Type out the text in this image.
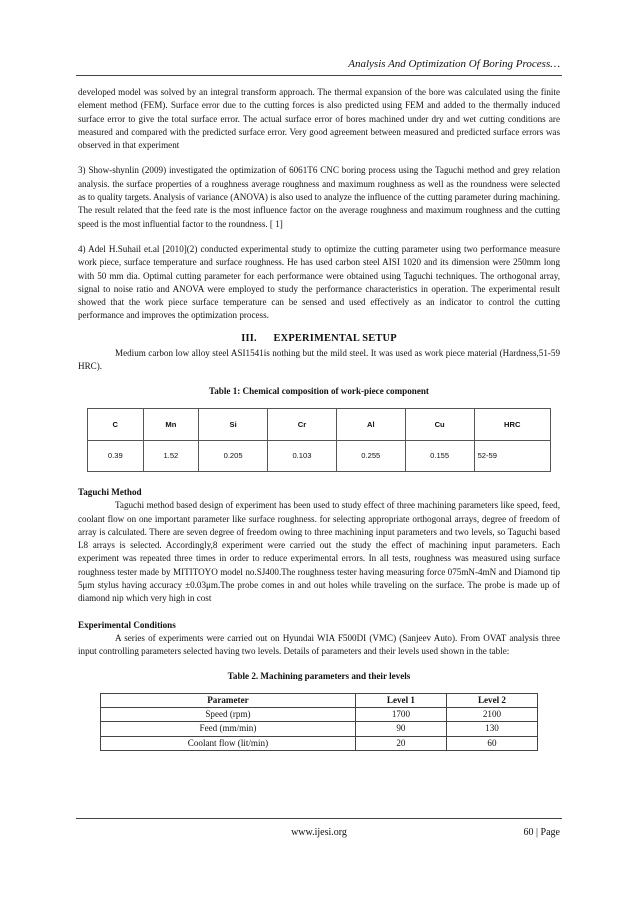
Analysis And Optimization Of Boring Process…

developed model was solved by an integral transform approach. The thermal expansion of the bore was calculated using the finite element method (FEM). Surface error due to the cutting forces is also predicted using FEM and added to the thermally induced surface error to give the total surface error. The actual surface error of bores machined under dry and wet cutting conditions are measured and compared with the predicted surface error. Very good agreement between measured and predicted surface errors was observed in that experiment

3) Show-shynlin (2009) investigated the optimization of 6061T6 CNC boring process using the Taguchi method and grey relation analysis. the surface properties of a roughness average roughness and maximum roughness as well as the roundness were selected as to quality targets. Analysis of variance (ANOVA) is also used to analyze the influence of the cutting parameter during machining. The result related that the feed rate is the most influence factor on the average roughness and maximum roughness and the cutting speed is the most influential factor to the roundness. [ 1]

4) Adel H.Suhail et.al [2010](2) conducted experimental study to optimize the cutting parameter using two performance measure work piece, surface temperature and surface roughness. He has used carbon steel AISI 1020 and its dimension were 250mm long with 50 mm dia. Optimal cutting parameter for each performance were obtained using Taguchi techniques. The orthogonal array, signal to noise ratio and ANOVA were employed to study the performance characteristics in operation. The experimental result showed that the work piece surface temperature can be sensed and used effectively as an indicator to control the cutting performance and improves the optimization process.

III.      EXPERIMENTAL SETUP

Medium carbon low alloy steel ASI1541is nothing but the mild steel. It was used as work piece material (Hardness,51-59 HRC).

Table 1: Chemical composition of work-piece component
C	Mn	Si	Cr	Al	Cu	HRC
0.39	1.52	0.205	0.103	0.255	0.155	52-59

Taguchi Method

Taguchi method based design of experiment has been used to study effect of three machining parameters like speed, feed, coolant flow on one important parameter like surface roughness. for selecting appropriate orthogonal arrays, degree of freedom of array is calculated. There are seven degree of freedom owing to three machining input parameters and two levels, so Taguchi based L8 arrays is selected. Accordingly,8 experiment were carried out the study the effect of machining input parameters. Each experiment was repeated three times in order to reduce experimental errors. In all tests, roughness was measured using surface roughness tester made by MITITOYO model no.SJ400.The roughness tester having measuring force 075mN-4mN and Diamond tip 5μm stylus having accuracy ±0.03μm.The probe comes in and out holes while traveling on the surface. The probe is made up of diamond nip which very high in cost

Experimental Conditions

A series of experiments were carried out on Hyundai WIA F500DI (VMC) (Sanjeev Auto). From OVAT analysis three input controlling parameters selected having two levels. Details of parameters and their levels used shown in the table:

Table 2. Machining parameters and their levels
Parameter	Level 1	Level 2
Speed (rpm)	1700	2100
Feed (mm/min)	90	130
Coolant flow (lit/min)	20	60
www.ijesi.org	60 | Page
